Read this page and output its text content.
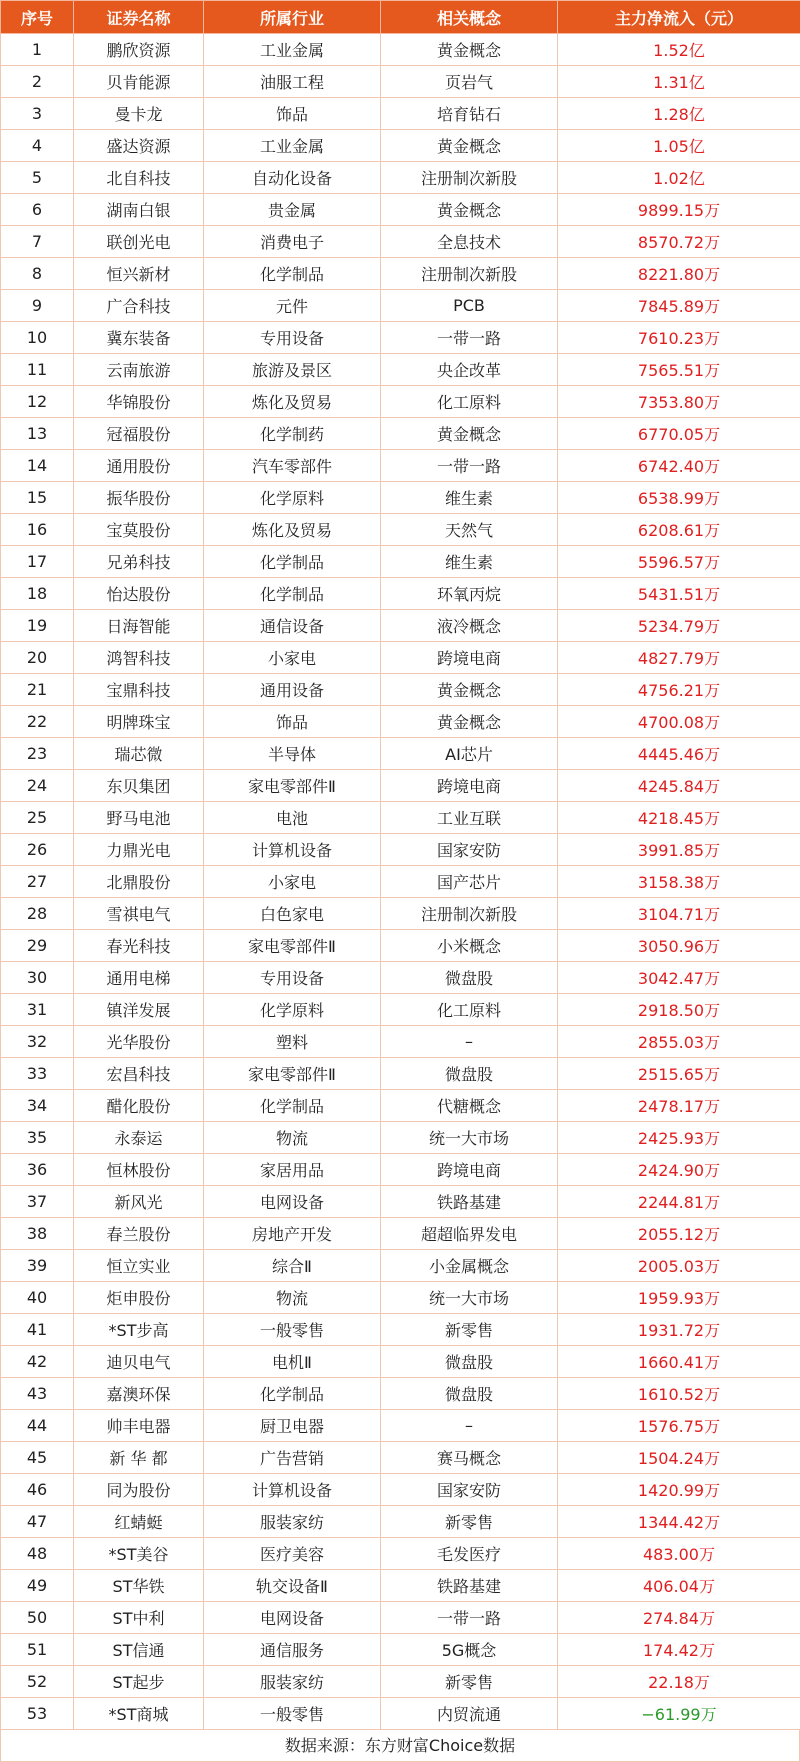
序号	证券名称	所属行业	相关概念	主力净流入（元）
1	鹏欣资源	工业金属	黄金概念	1.52亿
2	贝肯能源	油服工程	页岩气	1.31亿
3	曼卡龙	饰品	培育钻石	1.28亿
4	盛达资源	工业金属	黄金概念	1.05亿
5	北自科技	自动化设备	注册制次新股	1.02亿
6	湖南白银	贵金属	黄金概念	9899.15万
7	联创光电	消费电子	全息技术	8570.72万
8	恒兴新材	化学制品	注册制次新股	8221.80万
9	广合科技	元件	PCB	7845.89万
10	冀东装备	专用设备	一带一路	7610.23万
11	云南旅游	旅游及景区	央企改革	7565.51万
12	华锦股份	炼化及贸易	化工原料	7353.80万
13	冠福股份	化学制药	黄金概念	6770.05万
14	通用股份	汽车零部件	一带一路	6742.40万
15	振华股份	化学原料	维生素	6538.99万
16	宝莫股份	炼化及贸易	天然气	6208.61万
17	兄弟科技	化学制品	维生素	5596.57万
18	怡达股份	化学制品	环氧丙烷	5431.51万
19	日海智能	通信设备	液冷概念	5234.79万
20	鸿智科技	小家电	跨境电商	4827.79万
21	宝鼎科技	通用设备	黄金概念	4756.21万
22	明牌珠宝	饰品	黄金概念	4700.08万
23	瑞芯微	半导体	AI芯片	4445.46万
24	东贝集团	家电零部件Ⅱ	跨境电商	4245.84万
25	野马电池	电池	工业互联	4218.45万
26	力鼎光电	计算机设备	国家安防	3991.85万
27	北鼎股份	小家电	国产芯片	3158.38万
28	雪祺电气	白色家电	注册制次新股	3104.71万
29	春光科技	家电零部件Ⅱ	小米概念	3050.96万
30	通用电梯	专用设备	微盘股	3042.47万
31	镇洋发展	化学原料	化工原料	2918.50万
32	光华股份	塑料	–	2855.03万
33	宏昌科技	家电零部件Ⅱ	微盘股	2515.65万
34	醋化股份	化学制品	代糖概念	2478.17万
35	永泰运	物流	统一大市场	2425.93万
36	恒林股份	家居用品	跨境电商	2424.90万
37	新风光	电网设备	铁路基建	2244.81万
38	春兰股份	房地产开发	超超临界发电	2055.12万
39	恒立实业	综合Ⅱ	小金属概念	2005.03万
40	炬申股份	物流	统一大市场	1959.93万
41	*ST步高	一般零售	新零售	1931.72万
42	迪贝电气	电机Ⅱ	微盘股	1660.41万
43	嘉澳环保	化学制品	微盘股	1610.52万
44	帅丰电器	厨卫电器	–	1576.75万
45	新 华 都	广告营销	赛马概念	1504.24万
46	同为股份	计算机设备	国家安防	1420.99万
47	红蜻蜓	服装家纺	新零售	1344.42万
48	*ST美谷	医疗美容	毛发医疗	483.00万
49	ST华铁	轨交设备Ⅱ	铁路基建	406.04万
50	ST中利	电网设备	一带一路	274.84万
51	ST信通	通信服务	5G概念	174.42万
52	ST起步	服装家纺	新零售	22.18万
53	*ST商城	一般零售	内贸流通	−61.99万
数据来源：东方财富Choice数据
